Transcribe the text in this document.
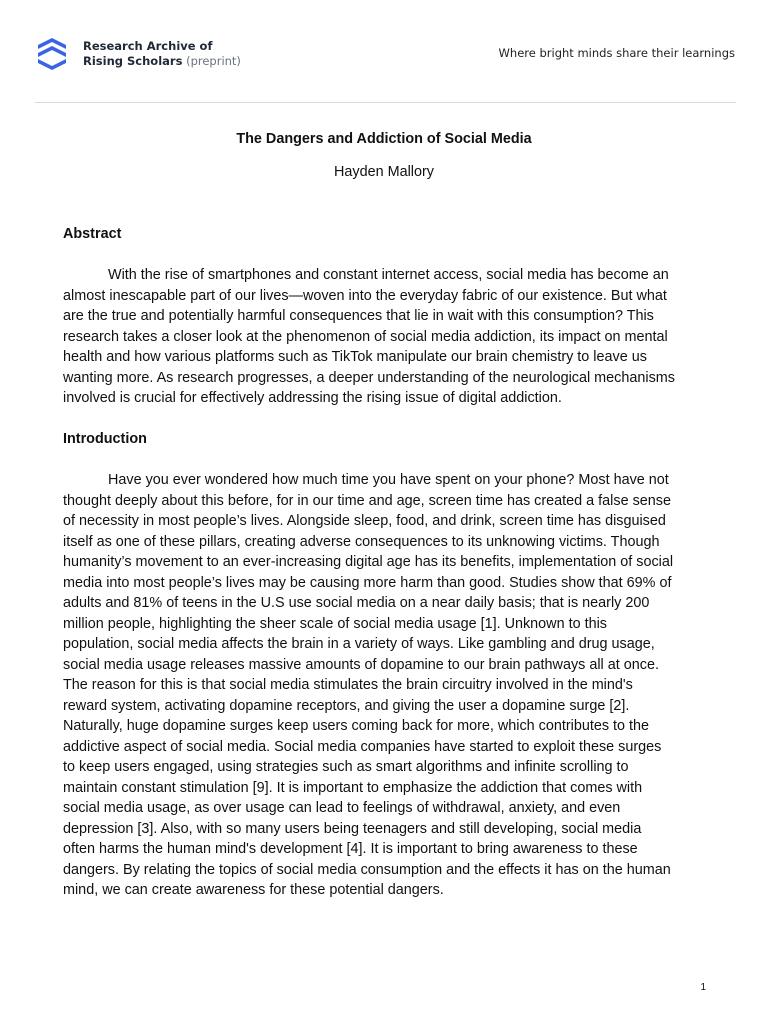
Research Archive of
Rising Scholars (preprint)
Where bright minds share their learnings
The Dangers and Addiction of Social Media
Hayden Mallory
Abstract
With the rise of smartphones and constant internet access, social media has become an
almost inescapable part of our lives—woven into the everyday fabric of our existence. But what
are the true and potentially harmful consequences that lie in wait with this consumption? This
research takes a closer look at the phenomenon of social media addiction, its impact on mental
health and how various platforms such as TikTok manipulate our brain chemistry to leave us
wanting more. As research progresses, a deeper understanding of the neurological mechanisms
involved is crucial for effectively addressing the rising issue of digital addiction.
Introduction
Have you ever wondered how much time you have spent on your phone? Most have not
thought deeply about this before, for in our time and age, screen time has created a false sense
of necessity in most people’s lives. Alongside sleep, food, and drink, screen time has disguised
itself as one of these pillars, creating adverse consequences to its unknowing victims. Though
humanity’s movement to an ever-increasing digital age has its benefits, implementation of social
media into most people’s lives may be causing more harm than good. Studies show that 69% of
adults and 81% of teens in the U.S use social media on a near daily basis; that is nearly 200
million people, highlighting the sheer scale of social media usage [1]. Unknown to this
population, social media affects the brain in a variety of ways. Like gambling and drug usage,
social media usage releases massive amounts of dopamine to our brain pathways all at once.
The reason for this is that social media stimulates the brain circuitry involved in the mind's
reward system, activating dopamine receptors, and giving the user a dopamine surge [2].
Naturally, huge dopamine surges keep users coming back for more, which contributes to the
addictive aspect of social media. Social media companies have started to exploit these surges
to keep users engaged, using strategies such as smart algorithms and infinite scrolling to
maintain constant stimulation [9]. It is important to emphasize the addiction that comes with
social media usage, as over usage can lead to feelings of withdrawal, anxiety, and even
depression [3]. Also, with so many users being teenagers and still developing, social media
often harms the human mind's development [4]. It is important to bring awareness to these
dangers. By relating the topics of social media consumption and the effects it has on the human
mind, we can create awareness for these potential dangers.
1
